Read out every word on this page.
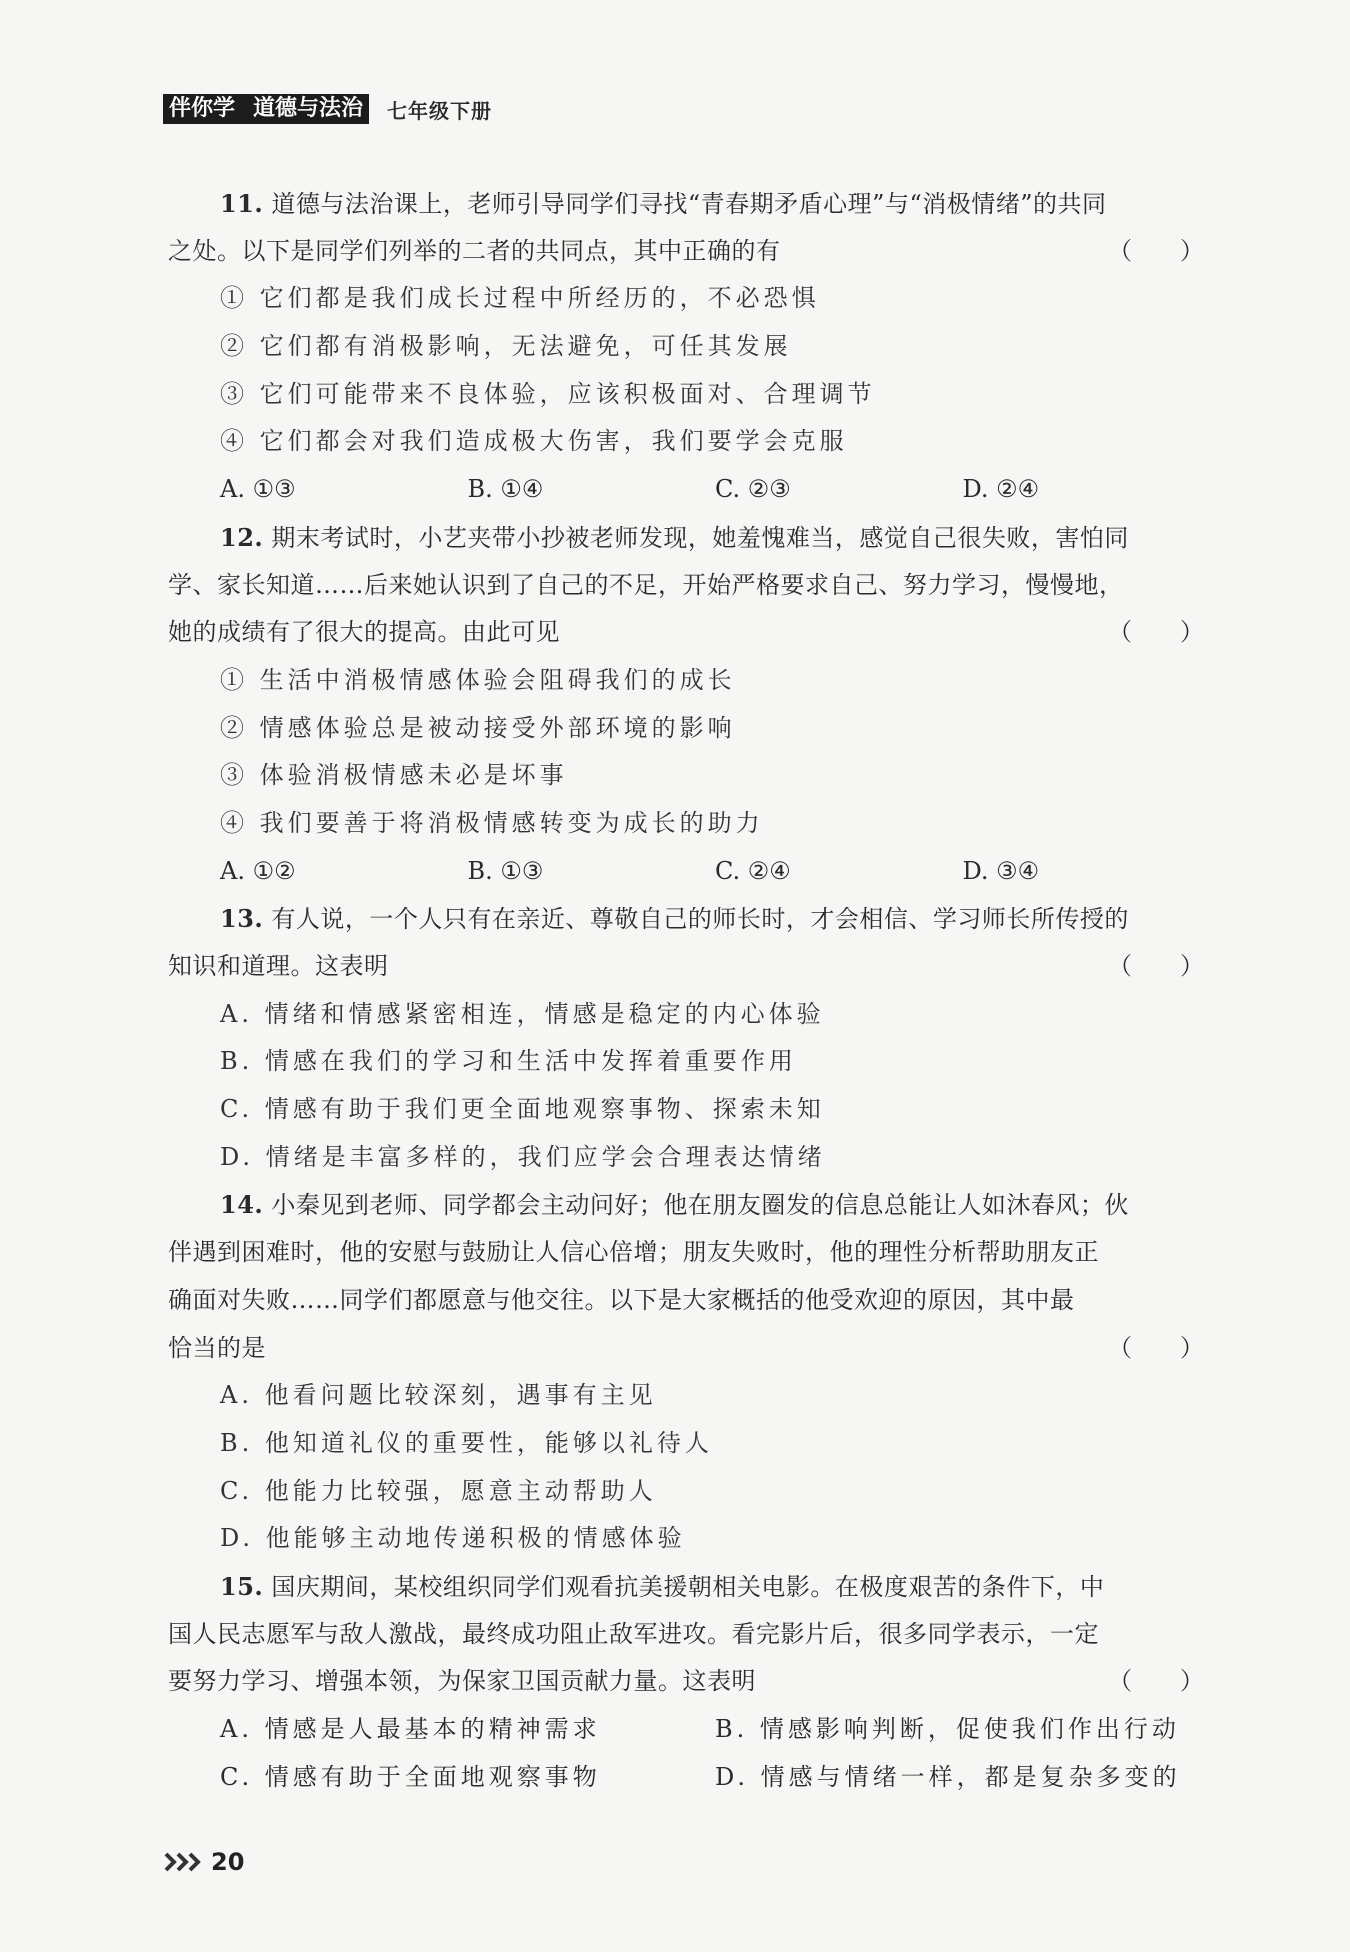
伴你学 道德与法治 七年级下册
11. 道德与法治课上，老师引导同学们寻找“青春期矛盾心理”与“消极情绪”的共同
之处。以下是同学们列举的二者的共同点，其中正确的有	（　　）
① 它们都是我们成长过程中所经历的，不必恐惧
② 它们都有消极影响，无法避免，可任其发展
③ 它们可能带来不良体验，应该积极面对、合理调节
④ 它们都会对我们造成极大伤害，我们要学会克服
A. ①③	B. ①④	C. ②③	D. ②④
12. 期末考试时，小艺夹带小抄被老师发现，她羞愧难当，感觉自己很失败，害怕同
学、家长知道……后来她认识到了自己的不足，开始严格要求自己、努力学习，慢慢地，
她的成绩有了很大的提高。由此可见	（　　）
① 生活中消极情感体验会阻碍我们的成长
② 情感体验总是被动接受外部环境的影响
③ 体验消极情感未必是坏事
④ 我们要善于将消极情感转变为成长的助力
A. ①②	B. ①③	C. ②④	D. ③④
13. 有人说，一个人只有在亲近、尊敬自己的师长时，才会相信、学习师长所传授的
知识和道理。这表明	（　　）
A. 情绪和情感紧密相连，情感是稳定的内心体验
B. 情感在我们的学习和生活中发挥着重要作用
C. 情感有助于我们更全面地观察事物、探索未知
D. 情绪是丰富多样的，我们应学会合理表达情绪
14. 小秦见到老师、同学都会主动问好；他在朋友圈发的信息总能让人如沐春风；伙
伴遇到困难时，他的安慰与鼓励让人信心倍增；朋友失败时，他的理性分析帮助朋友正
确面对失败……同学们都愿意与他交往。以下是大家概括的他受欢迎的原因，其中最
恰当的是	（　　）
A. 他看问题比较深刻，遇事有主见
B. 他知道礼仪的重要性，能够以礼待人
C. 他能力比较强，愿意主动帮助人
D. 他能够主动地传递积极的情感体验
15. 国庆期间，某校组织同学们观看抗美援朝相关电影。在极度艰苦的条件下，中
国人民志愿军与敌人激战，最终成功阻止敌军进攻。看完影片后，很多同学表示，一定
要努力学习、增强本领，为保家卫国贡献力量。这表明	（　　）
A. 情感是人最基本的精神需求	B. 情感影响判断，促使我们作出行动
C. 情感有助于全面地观察事物	D. 情感与情绪一样，都是复杂多变的
20
